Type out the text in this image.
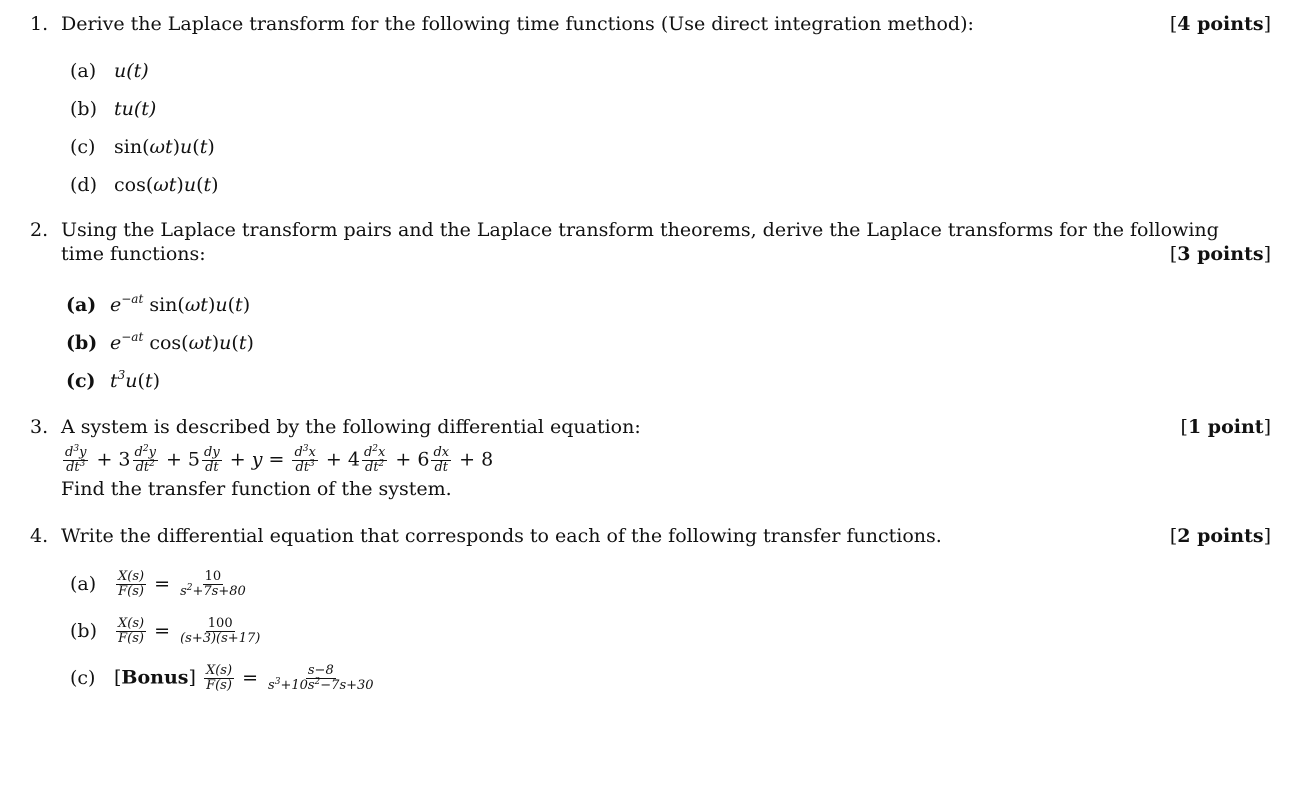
1. Derive the Laplace transform for the following time functions (Use direct integration method):	[4 points]
(a) u(t)
(b) tu(t)
(c) sin(ωt)u(t)
(d) cos(ωt)u(t)
2. Using the Laplace transform pairs and the Laplace transform theorems, derive the Laplace transforms for the following
time functions:	[3 points]
(a) $e^{-at}$ sin(ωt)u(t)
(b) $e^{-at}$ cos(ωt)u(t)
(c) $t^3u(t)$
3. A system is described by the following differential equation:	[1 point]
$\frac{d^3y}{dt^3} + 3 \frac{d^2y}{dt^2} + 5 \frac{dy}{dt} + y = \frac{d^3x}{dt^3} + 4 \frac{d^2x}{dt^2} + 6 \frac{dx}{dt} + 8$
Find the transfer function of the system.
4. Write the differential equation that corresponds to each of the following transfer functions.	[2 points]
$(a) \frac{X(s)}{F(s)} = \frac{10}{s^2+7s+80}$
$(b) \frac{X(s)}{F(s)} = \frac{100}{(s+3)(s+17)}$
(c) [Bonus] $\frac{X(s)}{F(s)} = \frac{s-8}{s^3+10s^2-7s+30}$
